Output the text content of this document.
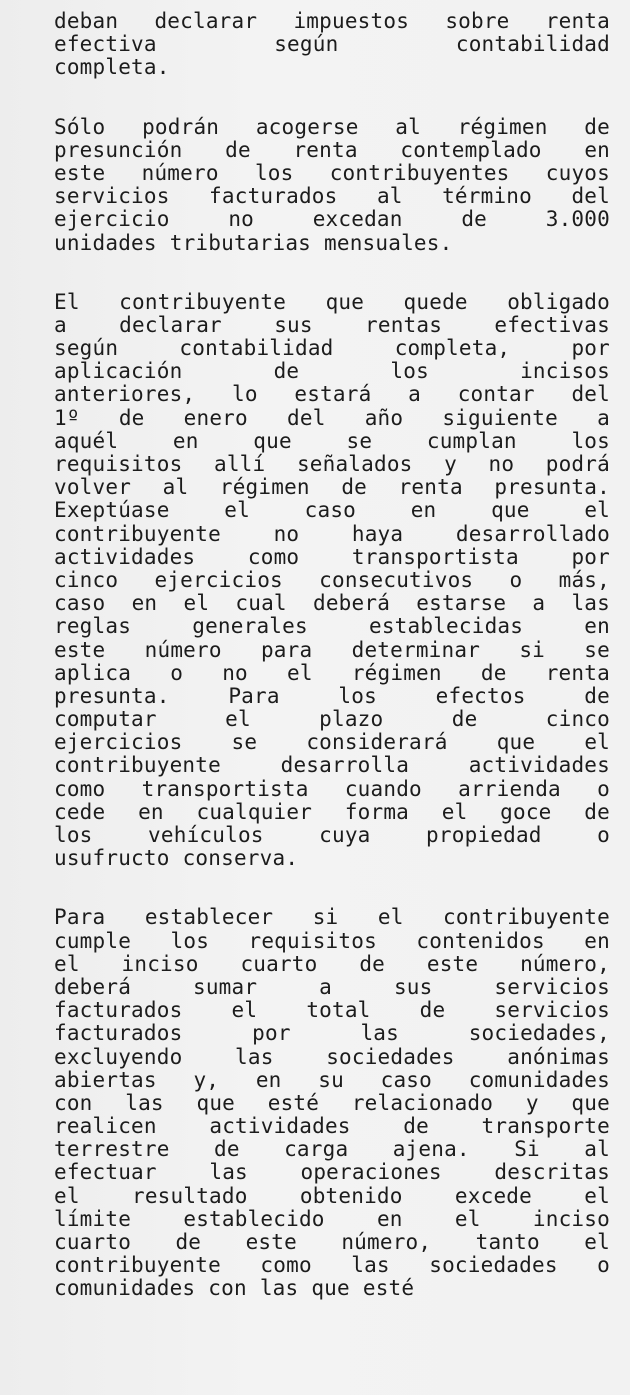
deban declarar impuestos sobre renta
efectiva	según	contabilidad
completa.
Sólo podrán acogerse al régimen de
presunción de renta contemplado en
este número los contribuyentes cuyos
servicios facturados al término del
ejercicio	no	excedan	de	3.000
unidades tributarias mensuales.
El contribuyente que quede obligado
a declarar sus rentas efectivas
según	contabilidad	completa,	por
aplicación	de	los	incisos
anteriores, lo estará a contar del
1º de enero del año siguiente a
aquél	en	que	se	cumplan	los
requisitos allí señalados y no podrá
volver al régimen de renta presunta.
Exeptúase	el	caso	en	que	el
contribuyente	no	haya	desarrollado
actividades	como	transportista	por
cinco ejercicios consecutivos o más,
caso en el cual deberá estarse a las
reglas	generales	establecidas	en
este número para determinar si se
aplica o no el régimen de renta
presunta.	Para	los	efectos	de
computar	el	plazo	de	cinco
ejercicios se considerará que el
contribuyente	desarrolla	actividades
como transportista cuando arrienda o
cede en cualquier forma el goce de
los	vehículos	cuya	propiedad	o
usufructo conserva.
Para establecer si el contribuyente
cumple los requisitos contenidos en
el inciso cuarto de este número,
deberá	sumar	a	sus	servicios
facturados el total de servicios
facturados	por	las	sociedades,
excluyendo	las	sociedades	anónimas
abiertas y, en su caso comunidades
con las que esté relacionado y que
realicen	actividades	de	transporte
terrestre de carga ajena. Si al
efectuar	las	operaciones	descritas
el resultado obtenido excede el
límite establecido en el inciso
cuarto de este número, tanto el
contribuyente como las sociedades o
comunidades con las que esté
